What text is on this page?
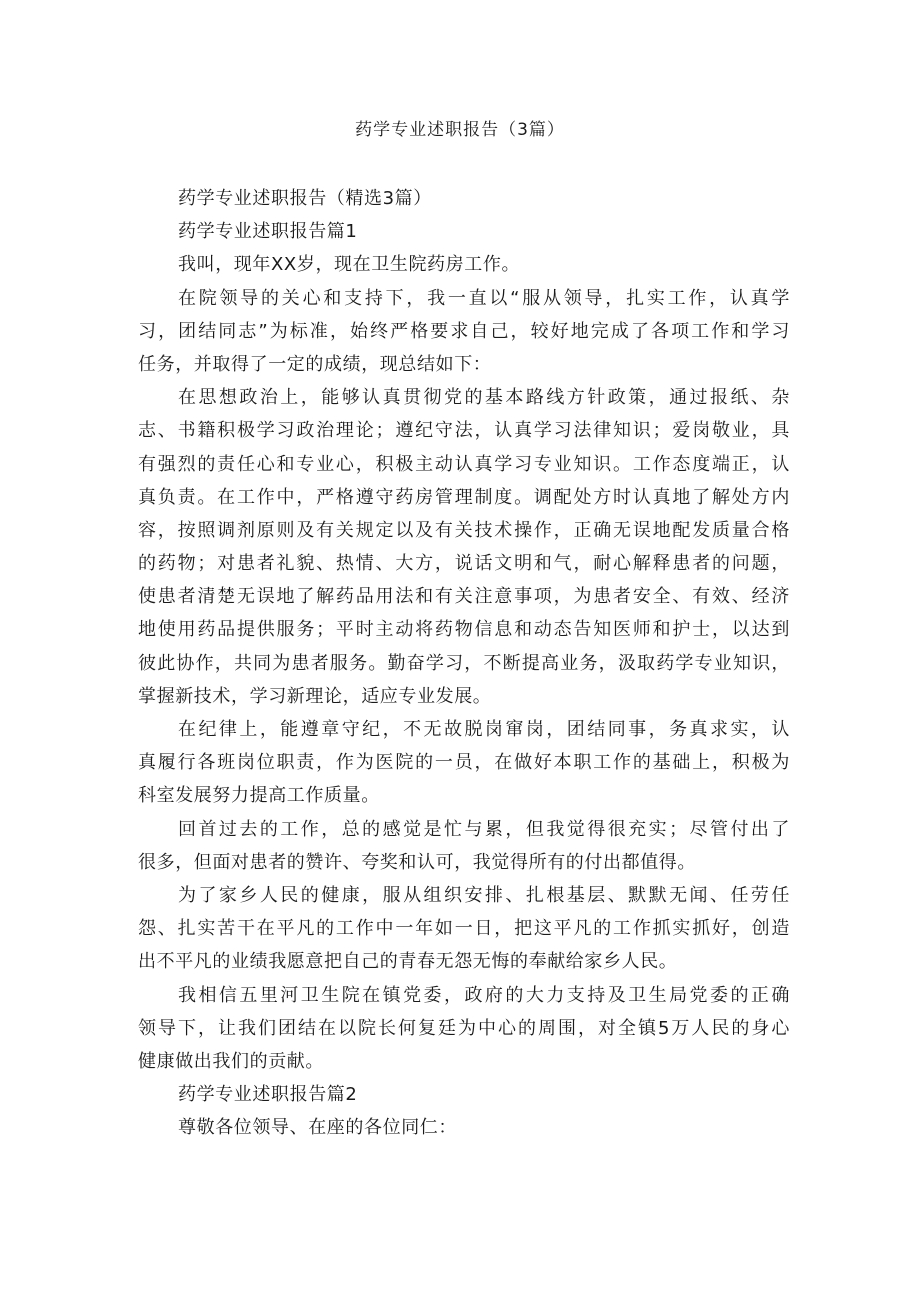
药学专业述职报告（3篇）
药学专业述职报告（精选3篇）
药学专业述职报告篇1
我叫，现年XX岁，现在卫生院药房工作。
在院领导的关心和支持下，我一直以“服从领导，扎实工作，认真学
习，团结同志”为标准，始终严格要求自己，较好地完成了各项工作和学习
任务，并取得了一定的成绩，现总结如下：
在思想政治上，能够认真贯彻党的基本路线方针政策，通过报纸、杂
志、书籍积极学习政治理论；遵纪守法，认真学习法律知识；爱岗敬业，具
有强烈的责任心和专业心，积极主动认真学习专业知识。工作态度端正，认
真负责。在工作中，严格遵守药房管理制度。调配处方时认真地了解处方内
容，按照调剂原则及有关规定以及有关技术操作，正确无误地配发质量合格
的药物；对患者礼貌、热情、大方，说话文明和气，耐心解释患者的问题，
使患者清楚无误地了解药品用法和有关注意事项，为患者安全、有效、经济
地使用药品提供服务；平时主动将药物信息和动态告知医师和护士，以达到
彼此协作，共同为患者服务。勤奋学习，不断提高业务，汲取药学专业知识，
掌握新技术，学习新理论，适应专业发展。
在纪律上，能遵章守纪，不无故脱岗窜岗，团结同事，务真求实，认
真履行各班岗位职责，作为医院的一员，在做好本职工作的基础上，积极为
科室发展努力提高工作质量。
回首过去的工作，总的感觉是忙与累，但我觉得很充实；尽管付出了
很多，但面对患者的赞许、夸奖和认可，我觉得所有的付出都值得。
为了家乡人民的健康，服从组织安排、扎根基层、默默无闻、任劳任
怨、扎实苦干在平凡的工作中一年如一日，把这平凡的工作抓实抓好，创造
出不平凡的业绩我愿意把自己的青春无怨无悔的奉献给家乡人民。
我相信五里河卫生院在镇党委，政府的大力支持及卫生局党委的正确
领导下，让我们团结在以院长何复廷为中心的周围，对全镇5万人民的身心
健康做出我们的贡献。
药学专业述职报告篇2
尊敬各位领导、在座的各位同仁：
